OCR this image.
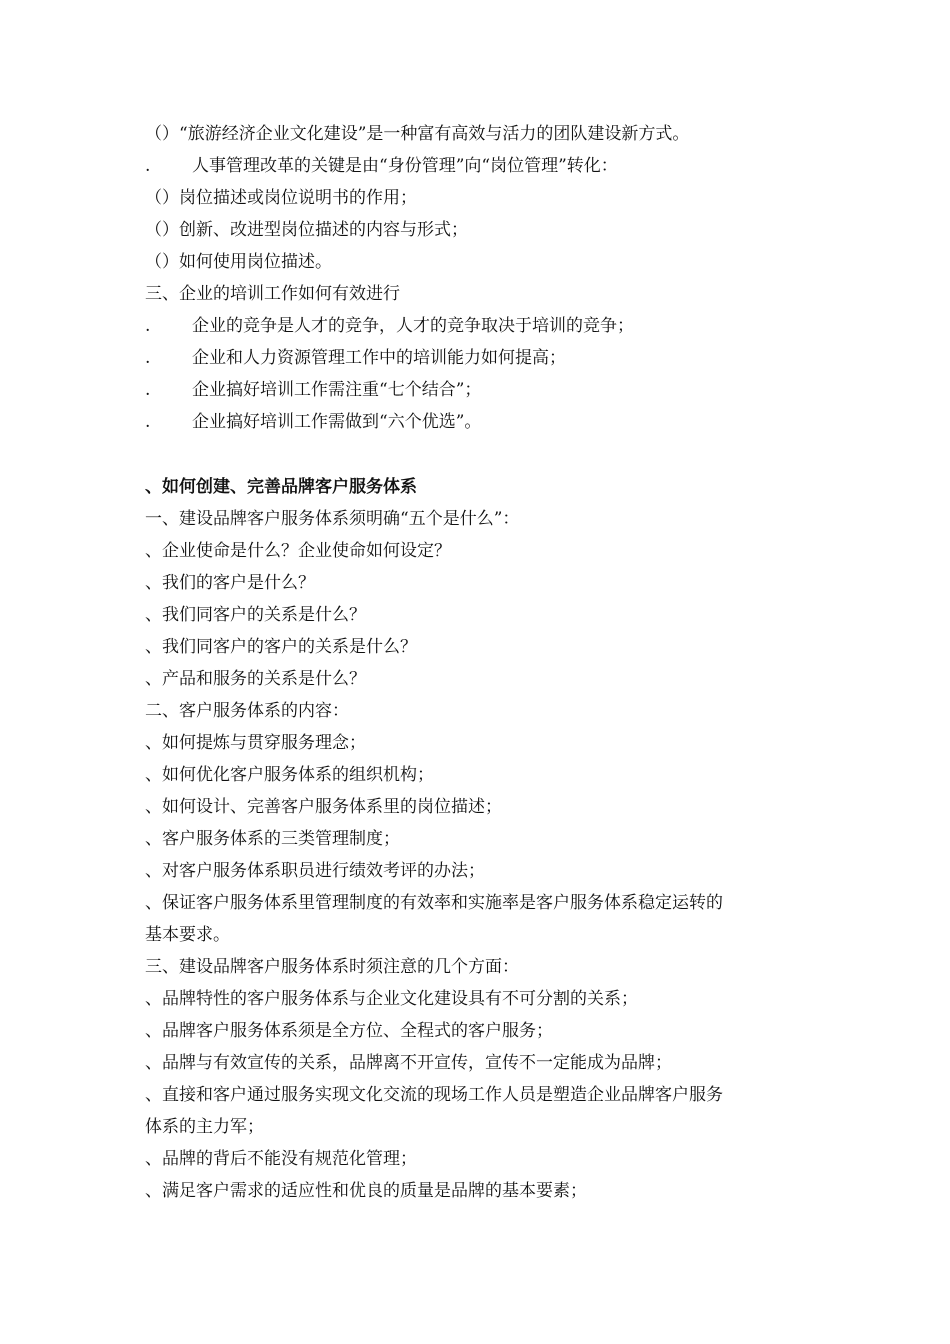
（）“旅游经济企业文化建设”是一种富有高效与活力的团队建设新方式。
.	人事管理改革的关键是由“身份管理”向“岗位管理”转化：
（）岗位描述或岗位说明书的作用；
（）创新、改进型岗位描述的内容与形式；
（）如何使用岗位描述。
三、企业的培训工作如何有效进行
.	企业的竞争是人才的竞争，人才的竞争取决于培训的竞争；
.	企业和人力资源管理工作中的培训能力如何提高；
.	企业搞好培训工作需注重“七个结合”；
.	企业搞好培训工作需做到“六个优选”。
、如何创建、完善品牌客户服务体系
一、建设品牌客户服务体系须明确“五个是什么”：
、企业使命是什么？企业使命如何设定？
、我们的客户是什么？
、我们同客户的关系是什么？
、我们同客户的客户的关系是什么？
、产品和服务的关系是什么？
二、客户服务体系的内容：
、如何提炼与贯穿服务理念；
、如何优化客户服务体系的组织机构；
、如何设计、完善客户服务体系里的岗位描述；
、客户服务体系的三类管理制度；
、对客户服务体系职员进行绩效考评的办法；
、保证客户服务体系里管理制度的有效率和实施率是客户服务体系稳定运转的
基本要求。
三、建设品牌客户服务体系时须注意的几个方面：
、品牌特性的客户服务体系与企业文化建设具有不可分割的关系；
、品牌客户服务体系须是全方位、全程式的客户服务；
、品牌与有效宣传的关系，品牌离不开宣传，宣传不一定能成为品牌；
、直接和客户通过服务实现文化交流的现场工作人员是塑造企业品牌客户服务
体系的主力军；
、品牌的背后不能没有规范化管理；
、满足客户需求的适应性和优良的质量是品牌的基本要素；
